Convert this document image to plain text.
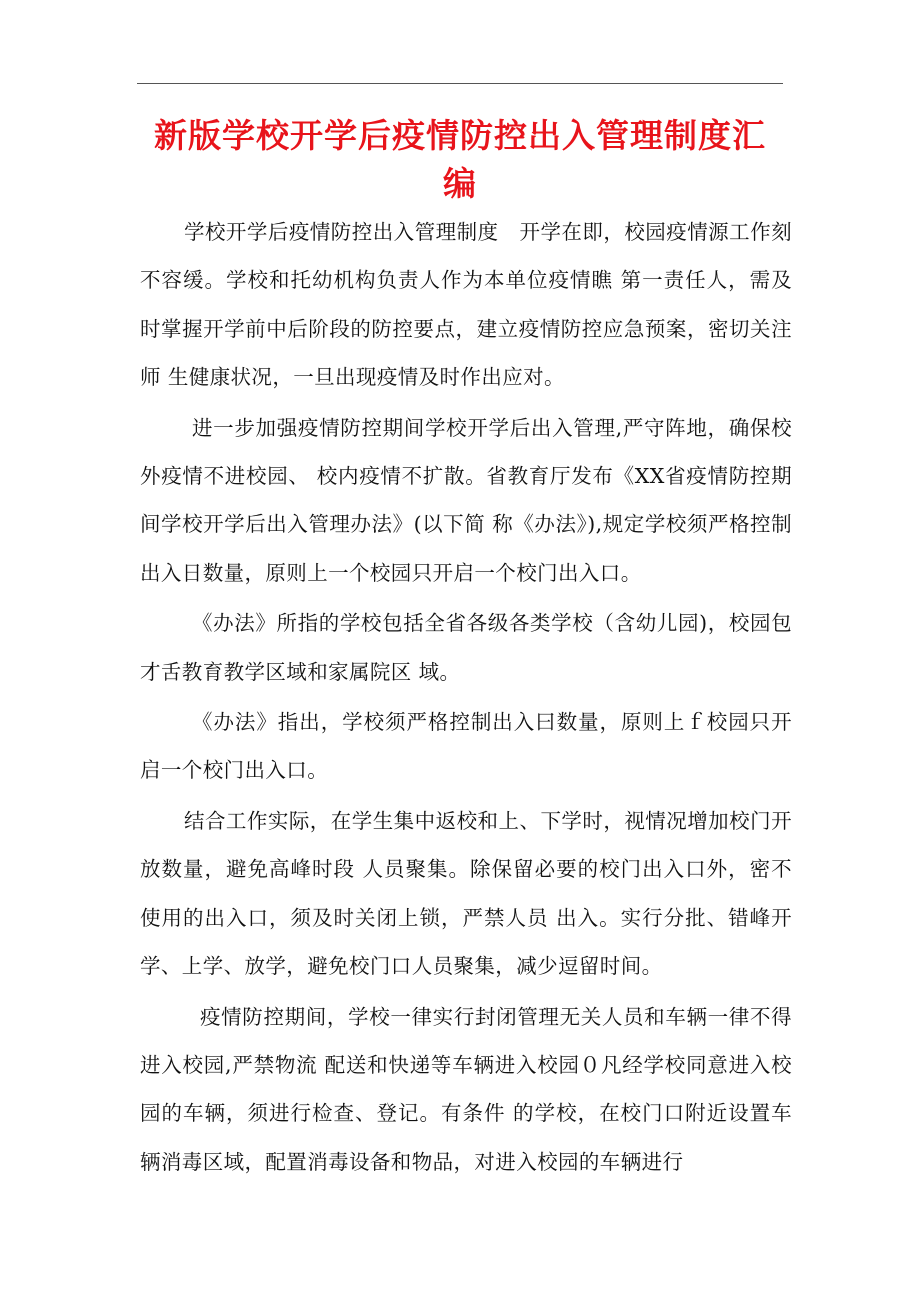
新版学校开学后疫情防控出入管理制度汇编

学校开学后疫情防控出入管理制度　开学在即，校园疫情源工作刻不容缓。学校和托幼机构负责人作为本单位疫情瞧 第一责任人，需及时掌握开学前中后阶段的防控要点，建立疫情防控应急预案，密切关注师 生健康状况，一旦出现疫情及时作出应对。

进一步加强疫情防控期间学校开学后出入管理,严守阵地，确保校外疫情不进校园、 校内疫情不扩散。省教育厅发布《XX省疫情防控期间学校开学后出入管理办法》(以下简 称《办法》),规定学校须严格控制出入日数量，原则上一个校园只开启一个校门出入口。

《办法》所指的学校包括全省各级各类学校（含幼儿园)，校园包才舌教育教学区域和家属院区 域。

《办法》指出，学校须严格控制出入曰数量，原则上ｆ校园只开启一个校门出入口。

结合工作实际，在学生集中返校和上、下学时，视情况增加校门开放数量，避免高峰时段 人员聚集。除保留必要的校门出入口外，密不使用的出入口，须及时关闭上锁，严禁人员 出入。实行分批、错峰开学、上学、放学，避免校门口人员聚集，减少逗留时间。

疫情防控期间，学校一律实行封闭管理无关人员和车辆一律不得进入校园,严禁物流 配送和快递等车辆进入校园０凡经学校同意进入校园的车辆，须进行检查、登记。有条件 的学校，在校门口附近设置车辆消毒区域，配置消毒设备和物品，对进入校园的车辆进行
